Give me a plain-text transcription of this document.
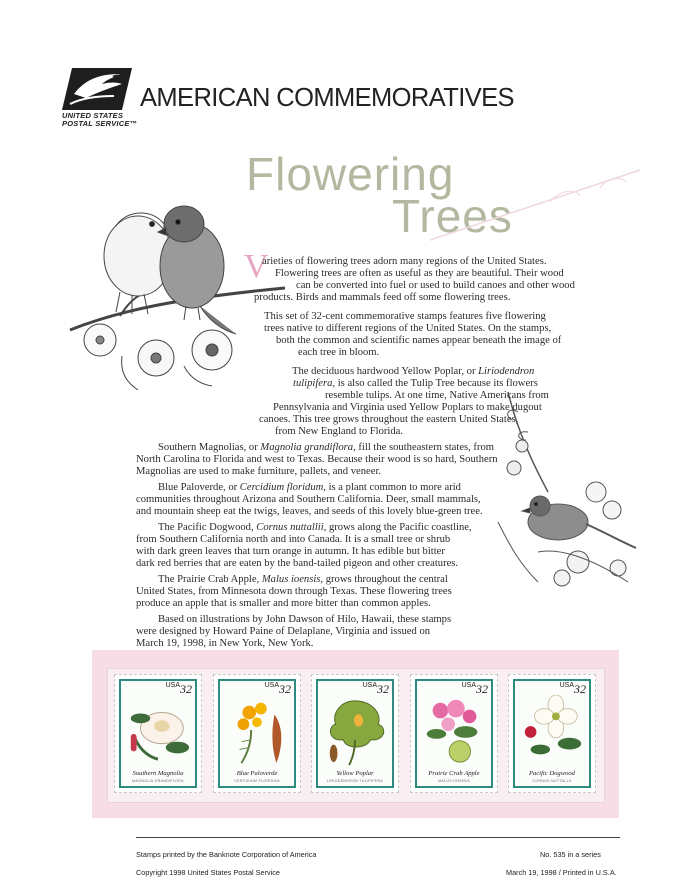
UNITED STATES
POSTAL SERVICE™
AMERICAN COMMEMORATIVES
Flowering
Trees
V
arieties of flowering trees adorn many regions of the United States.
Flowering trees are often as useful as they are beautiful. Their wood
can be converted into fuel or used to build canoes and other wood
products. Birds and mammals feed off some flowering trees.
This set of 32-cent commemorative stamps features five flowering
trees native to different regions of the United States. On the stamps,
both the common and scientific names appear beneath the image of
each tree in bloom.
The deciduous hardwood Yellow Poplar, or Liriodendron
tulipifera, is also called the Tulip Tree because its flowers
resemble tulips. At one time, Native Americans from
Pennsylvania and Virginia used Yellow Poplars to make dugout
canoes. This tree grows throughout the eastern United States,
from New England to Florida.
Southern Magnolias, or Magnolia grandiflora, fill the southeastern states, from
North Carolina to Florida and west to Texas. Because their wood is so hard, Southern
Magnolias are used to make furniture, pallets, and veneer.
Blue Paloverde, or Cercidium floridum, is a plant common to more arid
communities throughout Arizona and Southern California. Deer, small mammals,
and mountain sheep eat the twigs, leaves, and seeds of this lovely blue-green tree.
The Pacific Dogwood, Cornus nuttallii, grows along the Pacific coastline,
from Southern California north and into Canada. It is a small tree or shrub
with dark green leaves that turn orange in autumn. It has edible but bitter
dark red berries that are eaten by the band-tailed pigeon and other creatures.
The Prairie Crab Apple, Malus ioensis, grows throughout the central
United States, from Minnesota down through Texas. These flowering trees
produce an apple that is smaller and more bitter than common apples.
Based on illustrations by John Dawson of Hilo, Hawaii, these stamps
were designed by Howard Paine of Delaplane, Virginia and issued on
March 19, 1998, in New York, New York.
$^{USA}$32
Southern Magnolia
MAGNOLIA GRANDIFLORA
$^{USA}$32
Blue Paloverde
CERCIDIUM FLORIDUM
$^{USA}$32
Yellow Poplar
LIRIODENDRON TULIPIFERA
$^{USA}$32
Prairie Crab Apple
MALUS IOENSIS
$^{USA}$32
Pacific Dogwood
CORNUS NUTTALLII
Stamps printed by the Banknote Corporation of America
Copyright 1998 United States Postal Service
No. 535 in a series
March 19, 1998 / Printed in U.S.A.
